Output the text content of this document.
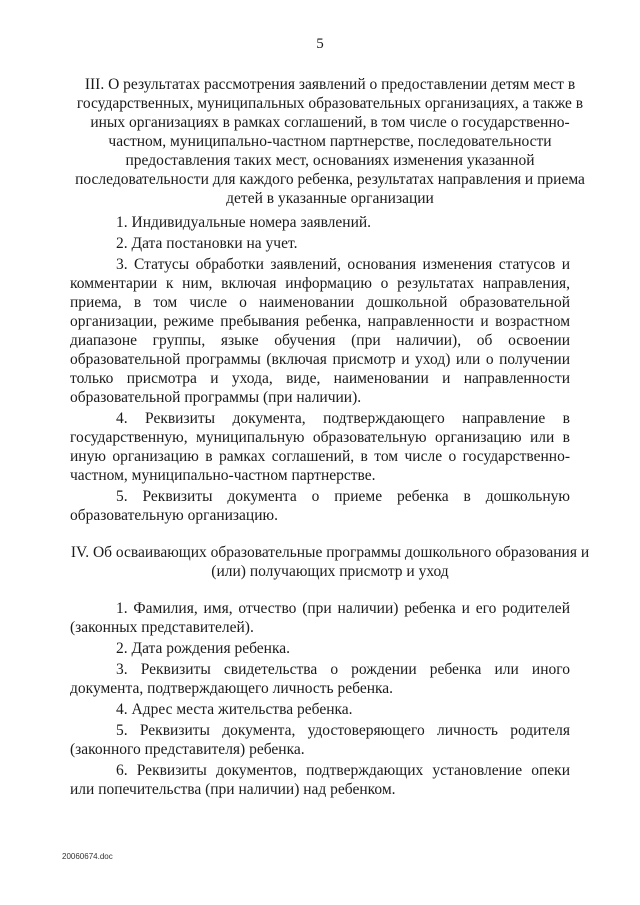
5
III. О результатах рассмотрения заявлений о предоставлении детям мест в государственных, муниципальных образовательных организациях, а также в иных организациях в рамках соглашений, в том числе о государственно-частном, муниципально-частном партнерстве, последовательности предоставления таких мест, основаниях изменения указанной последовательности для каждого ребенка, результатах направления и приема детей в указанные организации

1. Индивидуальные номера заявлений.

2. Дата постановки на учет.

3. Статусы обработки заявлений, основания изменения статусов и комментарии к ним, включая информацию о результатах направления, приема, в том числе о наименовании дошкольной образовательной организации, режиме пребывания ребенка, направленности и возрастном диапазоне группы, языке обучения (при наличии), об освоении образовательной программы (включая присмотр и уход) или о получении только присмотра и ухода, виде, наименовании и направленности образовательной программы (при наличии).

4. Реквизиты документа, подтверждающего направление в государственную, муниципальную образовательную организацию или в иную организацию в рамках соглашений, в том числе о государственно-частном, муниципально-частном партнерстве.

5. Реквизиты документа о приеме ребенка в дошкольную образовательную организацию.

IV. Об осваивающих образовательные программы дошкольного образования и (или) получающих присмотр и уход

1. Фамилия, имя, отчество (при наличии) ребенка и его родителей (законных представителей).

2. Дата рождения ребенка.

3. Реквизиты свидетельства о рождении ребенка или иного документа, подтверждающего личность ребенка.

4. Адрес места жительства ребенка.

5. Реквизиты документа, удостоверяющего личность родителя (законного представителя) ребенка.

6. Реквизиты документов, подтверждающих установление опеки или попечительства (при наличии) над ребенком.

20060674.doc
